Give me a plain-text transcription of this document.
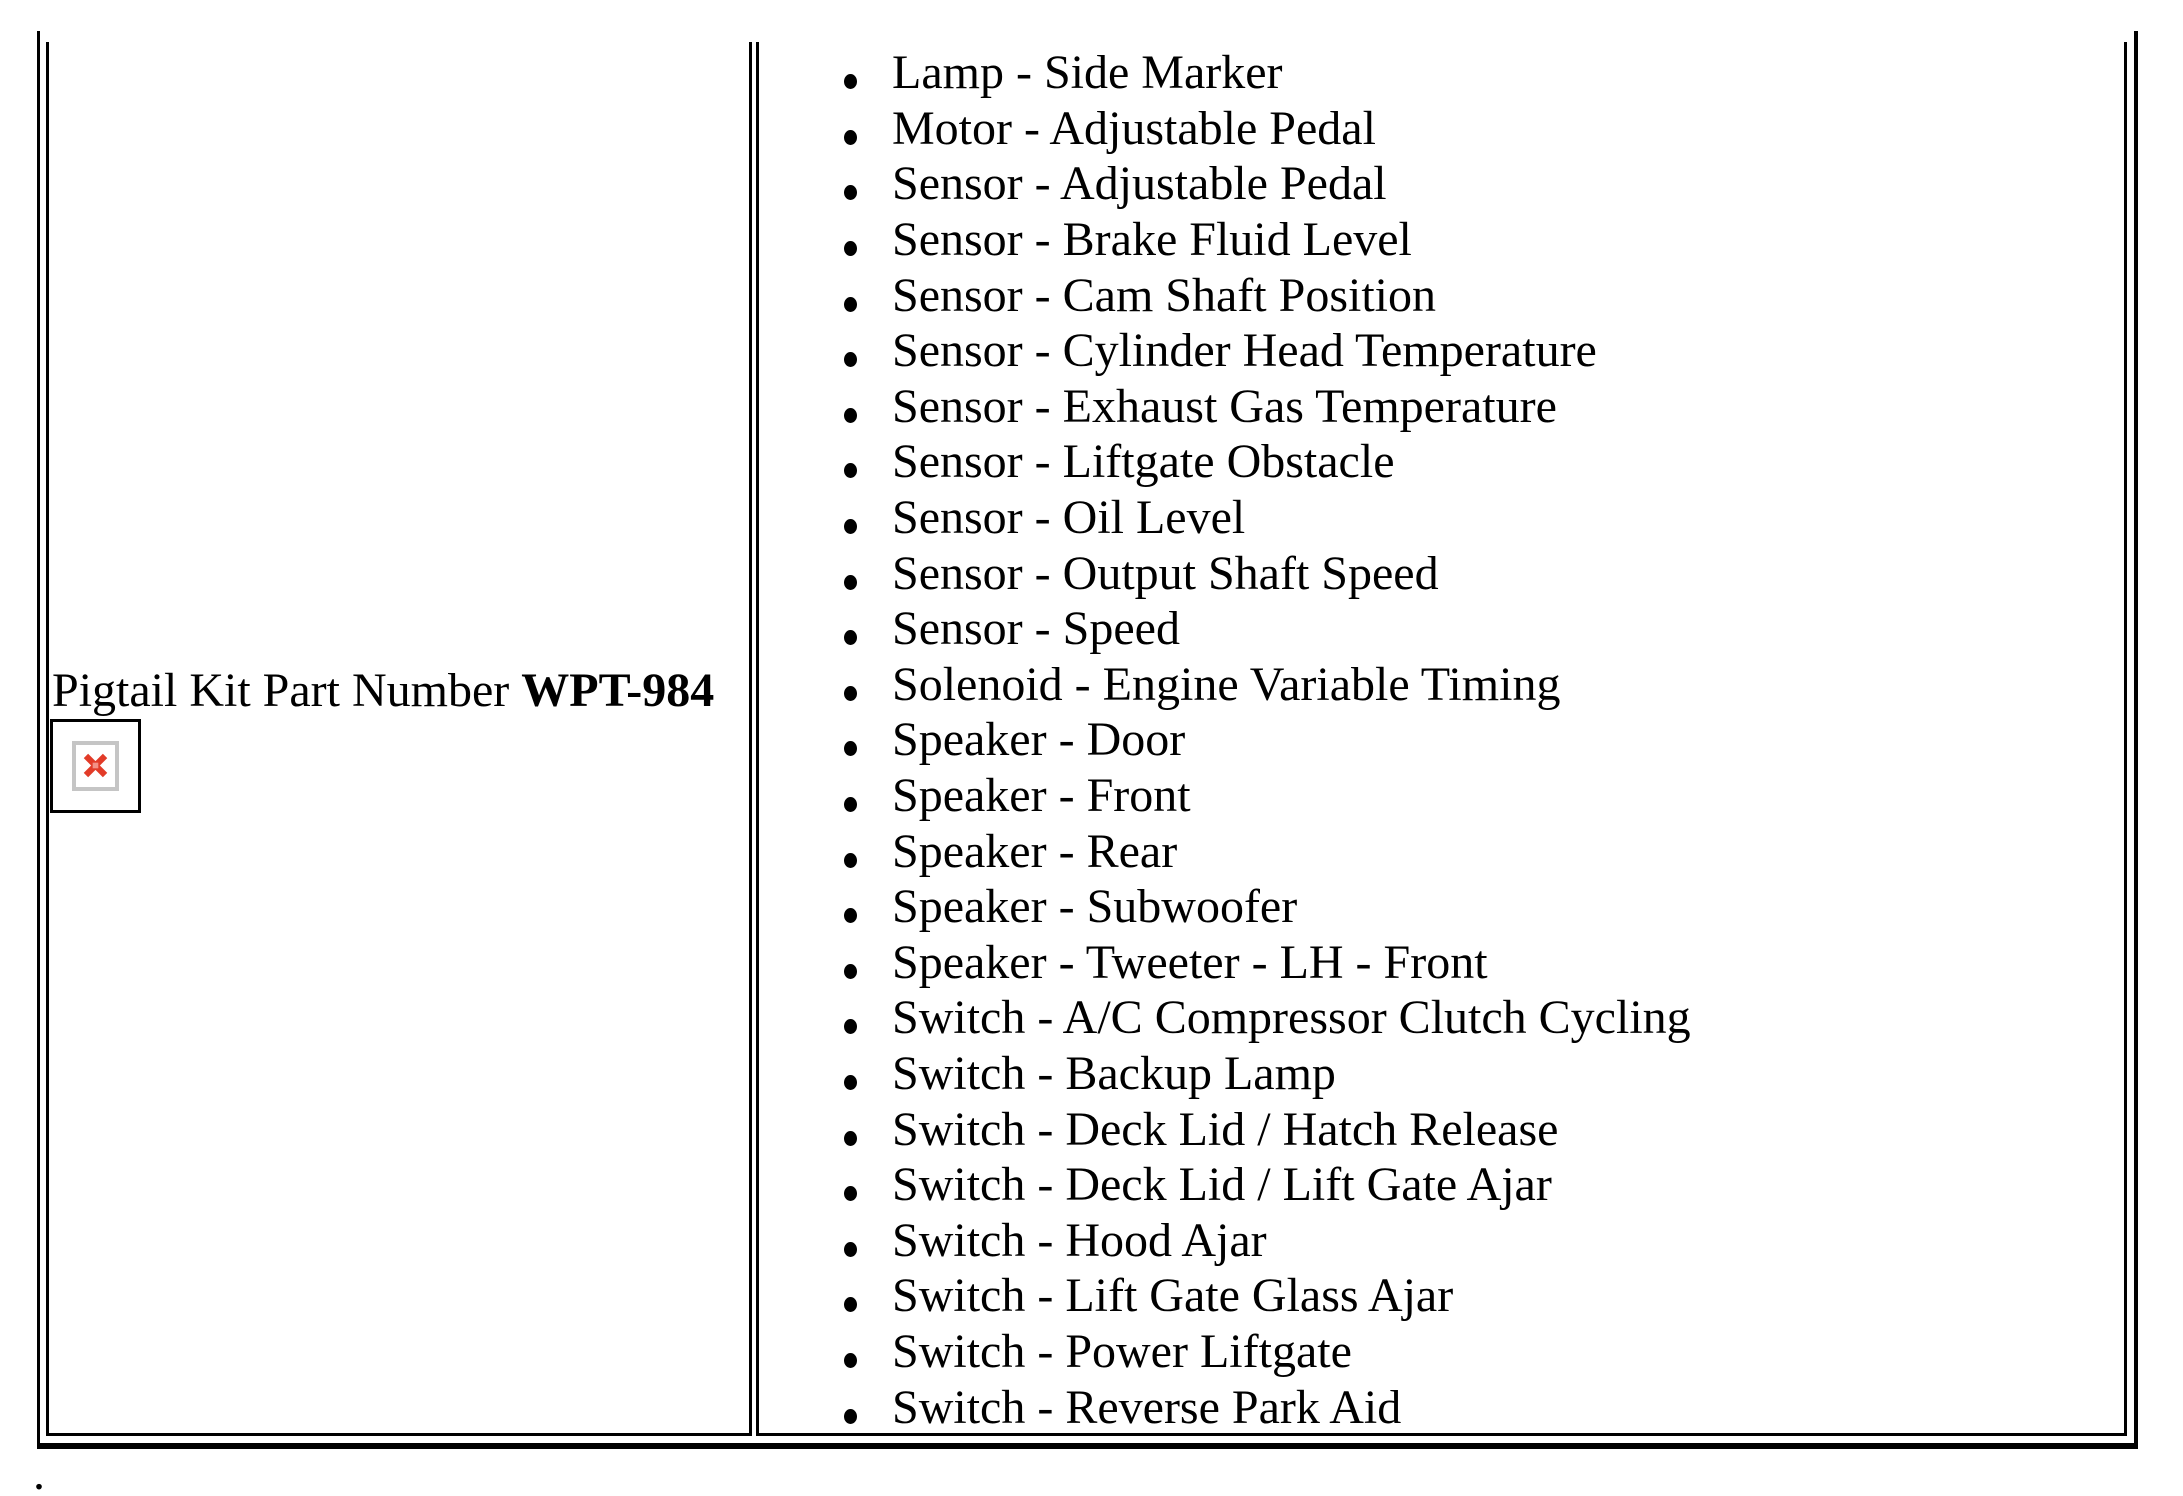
Pigtail Kit Part Number WPT-984

Lamp - Side Marker
Motor - Adjustable Pedal
Sensor - Adjustable Pedal
Sensor - Brake Fluid Level
Sensor - Cam Shaft Position
Sensor - Cylinder Head Temperature
Sensor - Exhaust Gas Temperature
Sensor - Liftgate Obstacle
Sensor - Oil Level
Sensor - Output Shaft Speed
Sensor - Speed
Solenoid - Engine Variable Timing
Speaker - Door
Speaker - Front
Speaker - Rear
Speaker - Subwoofer
Speaker - Tweeter - LH - Front
Switch - A/C Compressor Clutch Cycling
Switch - Backup Lamp
Switch - Deck Lid / Hatch Release
Switch - Deck Lid / Lift Gate Ajar
Switch - Hood Ajar
Switch - Lift Gate Glass Ajar
Switch - Power Liftgate
Switch - Reverse Park Aid
.
